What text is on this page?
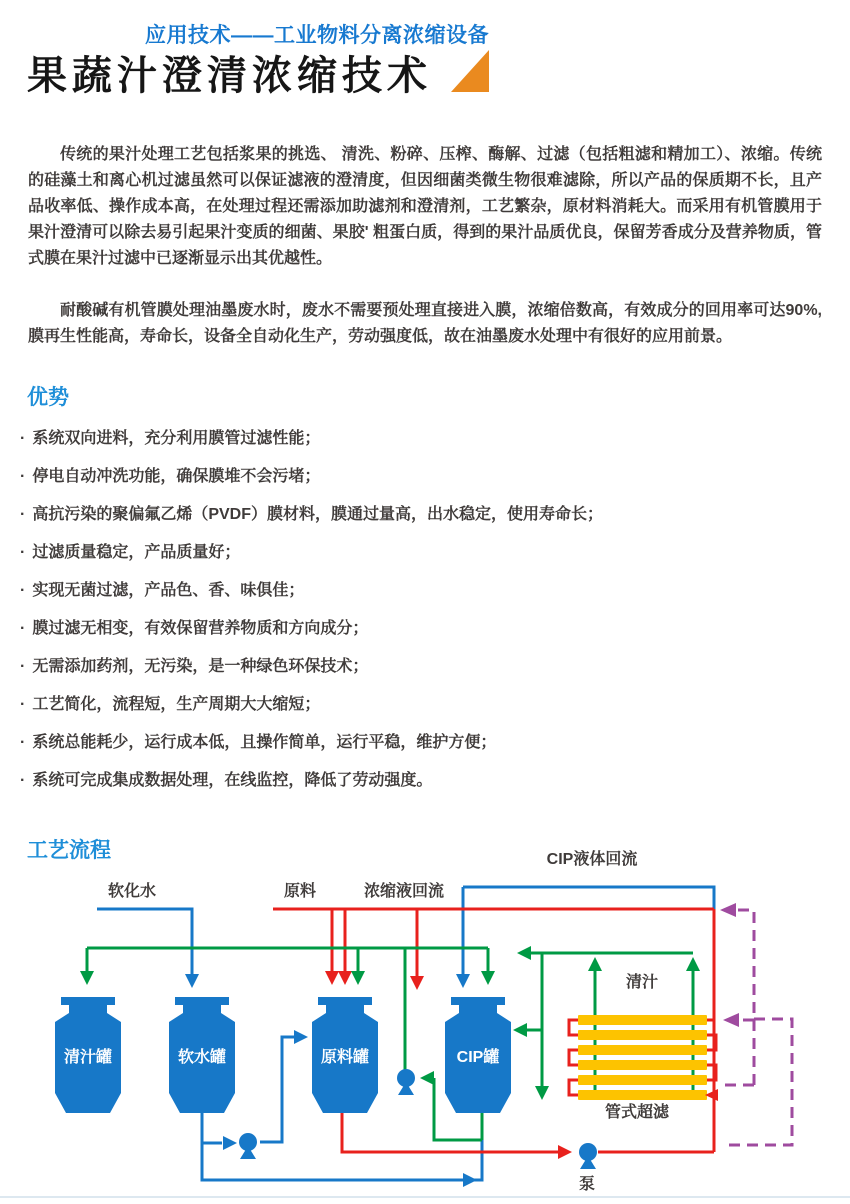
应用技术——工业物料分离浓缩设备
果蔬汁澄清浓缩技术

传统的果汁处理工艺包括浆果的挑选、 清洗、粉碎、压榨、酶解、过滤（包括粗滤和精加工）、浓缩。传统的硅藻土和离心机过滤虽然可以保证滤液的澄清度，但因细菌类微生物很难滤除，所以产品的保质期不长，且产品收率低、操作成本高，在处理过程还需添加助滤剂和澄清剂，工艺繁杂，原材料消耗大。而采用有机管膜用于果汁澄清可以除去易引起果汁变质的细菌、果胶' 粗蛋白质，得到的果汁品质优良，保留芳香成分及营养物质，管式膜在果汁过滤中已逐渐显示出其优越性。

耐酸碱有机管膜处理油墨废水时，废水不需要预处理直接进入膜，浓缩倍数高，有效成分的回用率可达90%, 膜再生性能高，寿命长，设备全自动化生产，劳动强度低，故在油墨废水处理中有很好的应用前景。

优势
· 系统双向进料，充分利用膜管过滤性能；
· 停电自动冲洗功能，确保膜堆不会污堵；
· 高抗污染的聚偏氟乙烯（PVDF）膜材料，膜通过量高，出水稳定，使用寿命长；
· 过滤质量稳定，产品质量好；
· 实现无菌过滤，产品色、香、味俱佳；
· 膜过滤无相变，有效保留营养物质和方向成分；
· 无需添加药剂，无污染，是一种绿色环保技术；
· 工艺简化，流程短，生产周期大大缩短；
· 系统总能耗少，运行成本低，且操作简单，运行平稳，维护方便；
· 系统可完成集成数据处理，在线监控，降低了劳动强度。
工艺流程
软化水	原料	浓缩液回流
CIP液体回流
清汁
管式超滤
泵
清汁罐	软水罐	原料罐	CIP罐
